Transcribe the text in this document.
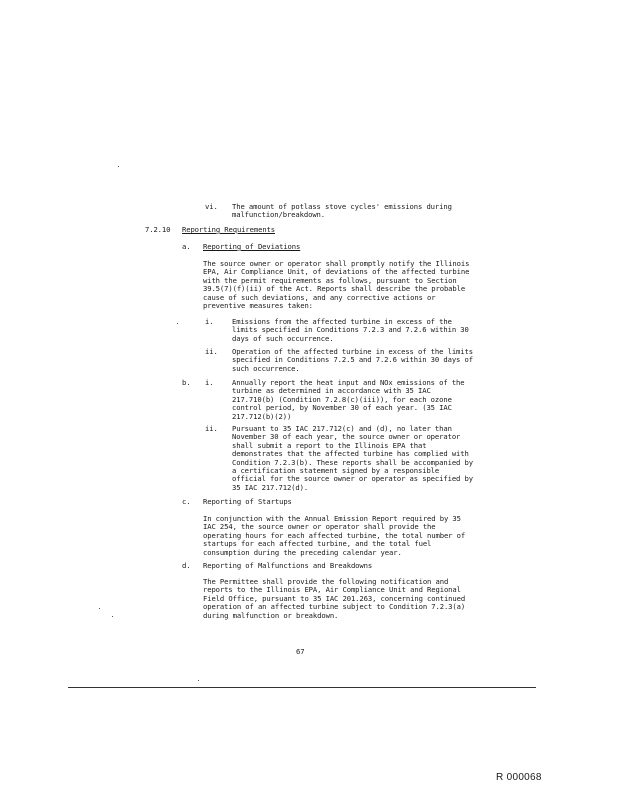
vi. The amount of potlass stove cycles' emissions during malfunction/breakdown.
7.2.10 Reporting Requirements
a. Reporting of Deviations
The source owner or operator shall promptly notify the Illinois EPA, Air Compliance Unit, of deviations of the affected turbine with the permit requirements as follows, pursuant to Section 39.5(7)(f)(ii) of the Act. Reports shall describe the probable cause of such deviations, and any corrective actions or preventive measures taken:
i.	Emissions from the affected turbine in excess of the limits specified in Conditions 7.2.3 and 7.2.6 within 30 days of such occurrence.
ii. Operation of the affected turbine in excess of the limits specified in Conditions 7.2.5 and 7.2.6 within 30 days of such occurrence.
b. i.	Annually report the heat input and NOx emissions of the turbine as determined in accordance with 35 IAC 217.710(b) (Condition 7.2.8(c)(iii)), for each ozone control period, by November 30 of each year. (35 IAC 217.712(b)(2))
ii. Pursuant to 35 IAC 217.712(c) and (d), no later than November 30 of each year, the source owner or operator shall submit a report to the Illinois EPA that demonstrates that the affected turbine has complied with Condition 7.2.3(b). These reports shall be accompanied by a certification statement signed by a responsible official for the source owner or operator as specified by 35 IAC 217.712(d).
c. Reporting of Startups
In conjunction with the Annual Emission Report required by 35 IAC 254, the source owner or operator shall provide the operating hours for each affected turbine, the total number of startups for each affected turbine, and the total fuel consumption during the preceding calendar year.
d. Reporting of Malfunctions and Breakdowns
The Permittee shall provide the following notification and reports to the Illinois EPA, Air Compliance Unit and Regional Field Office, pursuant to 35 IAC 201.263, concerning continued operation of an affected turbine subject to Condition 7.2.3(a) during malfunction or breakdown.
67
R 000068
